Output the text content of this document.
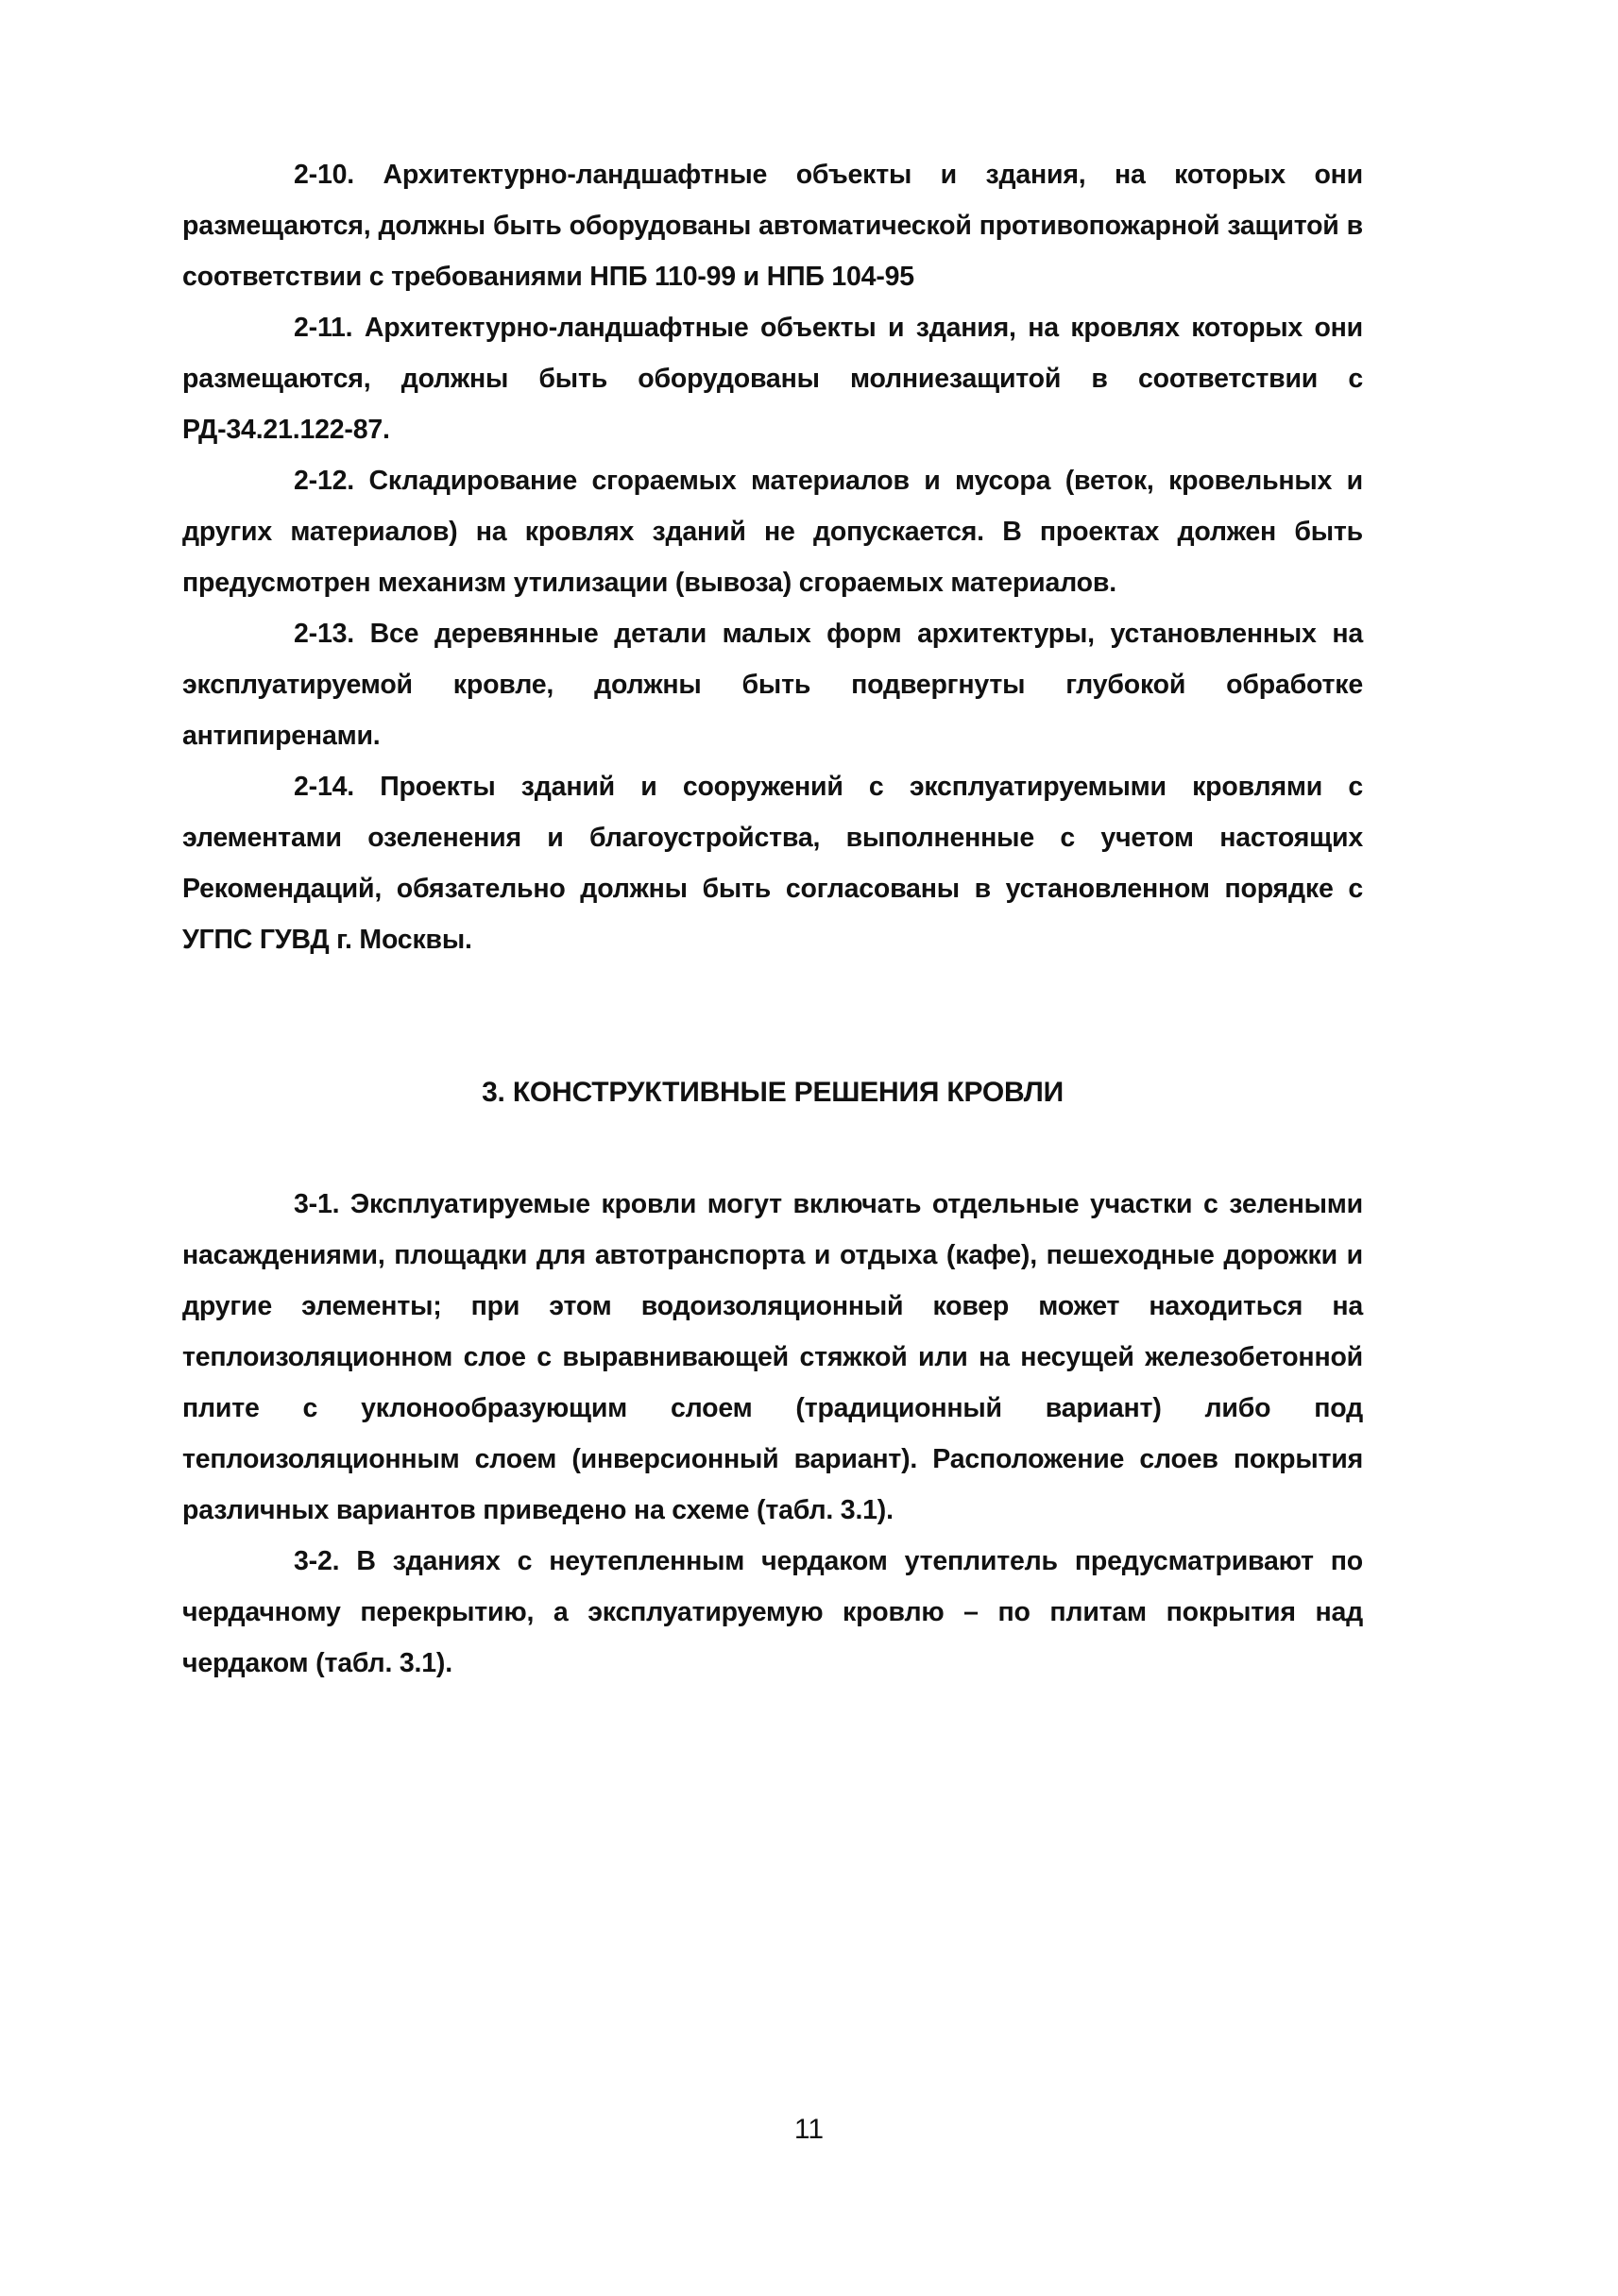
2-10. Архитектурно-ландшафтные объекты и здания, на которых они размещаются, должны быть оборудованы автоматической противопожарной защитой в соответствии с требованиями НПБ 110-99 и НПБ 104-95

2-11. Архитектурно-ландшафтные объекты и здания, на кровлях которых они размещаются, должны быть оборудованы молниезащитой в соответствии с РД-34.21.122-87.

2-12. Складирование сгораемых материалов и мусора (веток, кровельных и других материалов) на кровлях зданий не допускается. В проектах должен быть предусмотрен механизм утилизации (вывоза) сгораемых материалов.

2-13. Все деревянные детали малых форм архитектуры, установленных на эксплуатируемой кровле, должны быть подвергнуты глубокой обработке антипиренами.

2-14. Проекты зданий и сооружений с эксплуатируемыми кровлями с элементами озеленения и благоустройства, выполненные с учетом настоящих Рекомендаций, обязательно должны быть согласованы в установленном порядке с УГПС ГУВД г. Москвы.

3. КОНСТРУКТИВНЫЕ РЕШЕНИЯ КРОВЛИ

3-1. Эксплуатируемые кровли могут включать отдельные участки с зелеными насаждениями, площадки для автотранспорта и отдыха (кафе), пешеходные дорожки и другие элементы; при этом водоизоляционный ковер может находиться на теплоизоляционном слое с выравнивающей стяжкой или на несущей железобетонной плите с уклонообразующим слоем (традиционный вариант) либо под теплоизоляционным слоем (инверсионный вариант). Расположение слоев покрытия различных вариантов приведено на схеме (табл. 3.1).

3-2. В зданиях с неутепленным чердаком утеплитель предусматривают по чердачному перекрытию, а эксплуатируемую кровлю – по плитам покрытия над чердаком (табл. 3.1).

11
